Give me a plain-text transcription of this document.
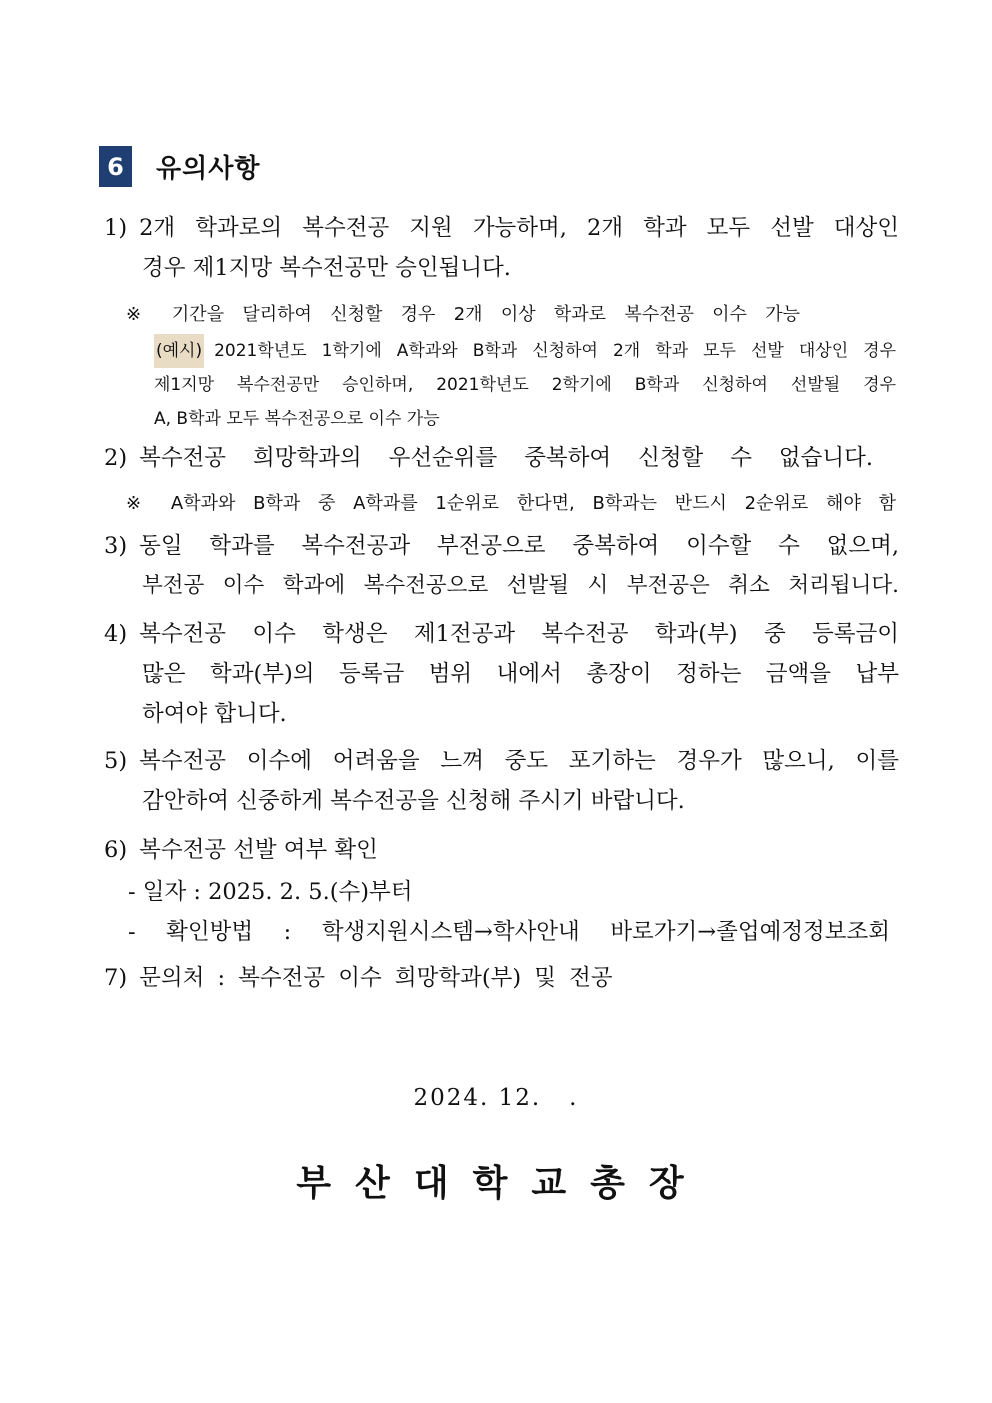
6	유의사항
1) 2개 학과로의 복수전공 지원 가능하며, 2개 학과 모두 선발 대상인
경우 제1지망 복수전공만 승인됩니다.
※ 기간을 달리하여 신청할 경우 2개 이상 학과로 복수전공 이수 가능
(예시) 2021학년도 1학기에 A학과와 B학과 신청하여 2개 학과 모두 선발 대상인 경우
제1지망 복수전공만 승인하며, 2021학년도 2학기에 B학과 신청하여 선발될 경우
A, B학과 모두 복수전공으로 이수 가능
2) 복수전공 희망학과의 우선순위를 중복하여 신청할 수 없습니다.
※ A학과와 B학과 중 A학과를 1순위로 한다면, B학과는 반드시 2순위로 해야 함
3) 동일 학과를 복수전공과 부전공으로 중복하여 이수할 수 없으며,
부전공 이수 학과에 복수전공으로 선발될 시 부전공은 취소 처리됩니다.
4) 복수전공 이수 학생은 제1전공과 복수전공 학과(부) 중 등록금이
많은 학과(부)의 등록금 범위 내에서 총장이 정하는 금액을 납부
하여야 합니다.
5) 복수전공 이수에 어려움을 느껴 중도 포기하는 경우가 많으니, 이를
감안하여 신중하게 복수전공을 신청해 주시기 바랍니다.
6) 복수전공 선발 여부 확인
- 일자 : 2025. 2. 5.(수)부터
- 확인방법 : 학생지원시스템→학사안내 바로가기→졸업예정정보조회
7) 문의처 : 복수전공 이수 희망학과(부) 및 전공
2024. 12.   .
부산대학교총장
